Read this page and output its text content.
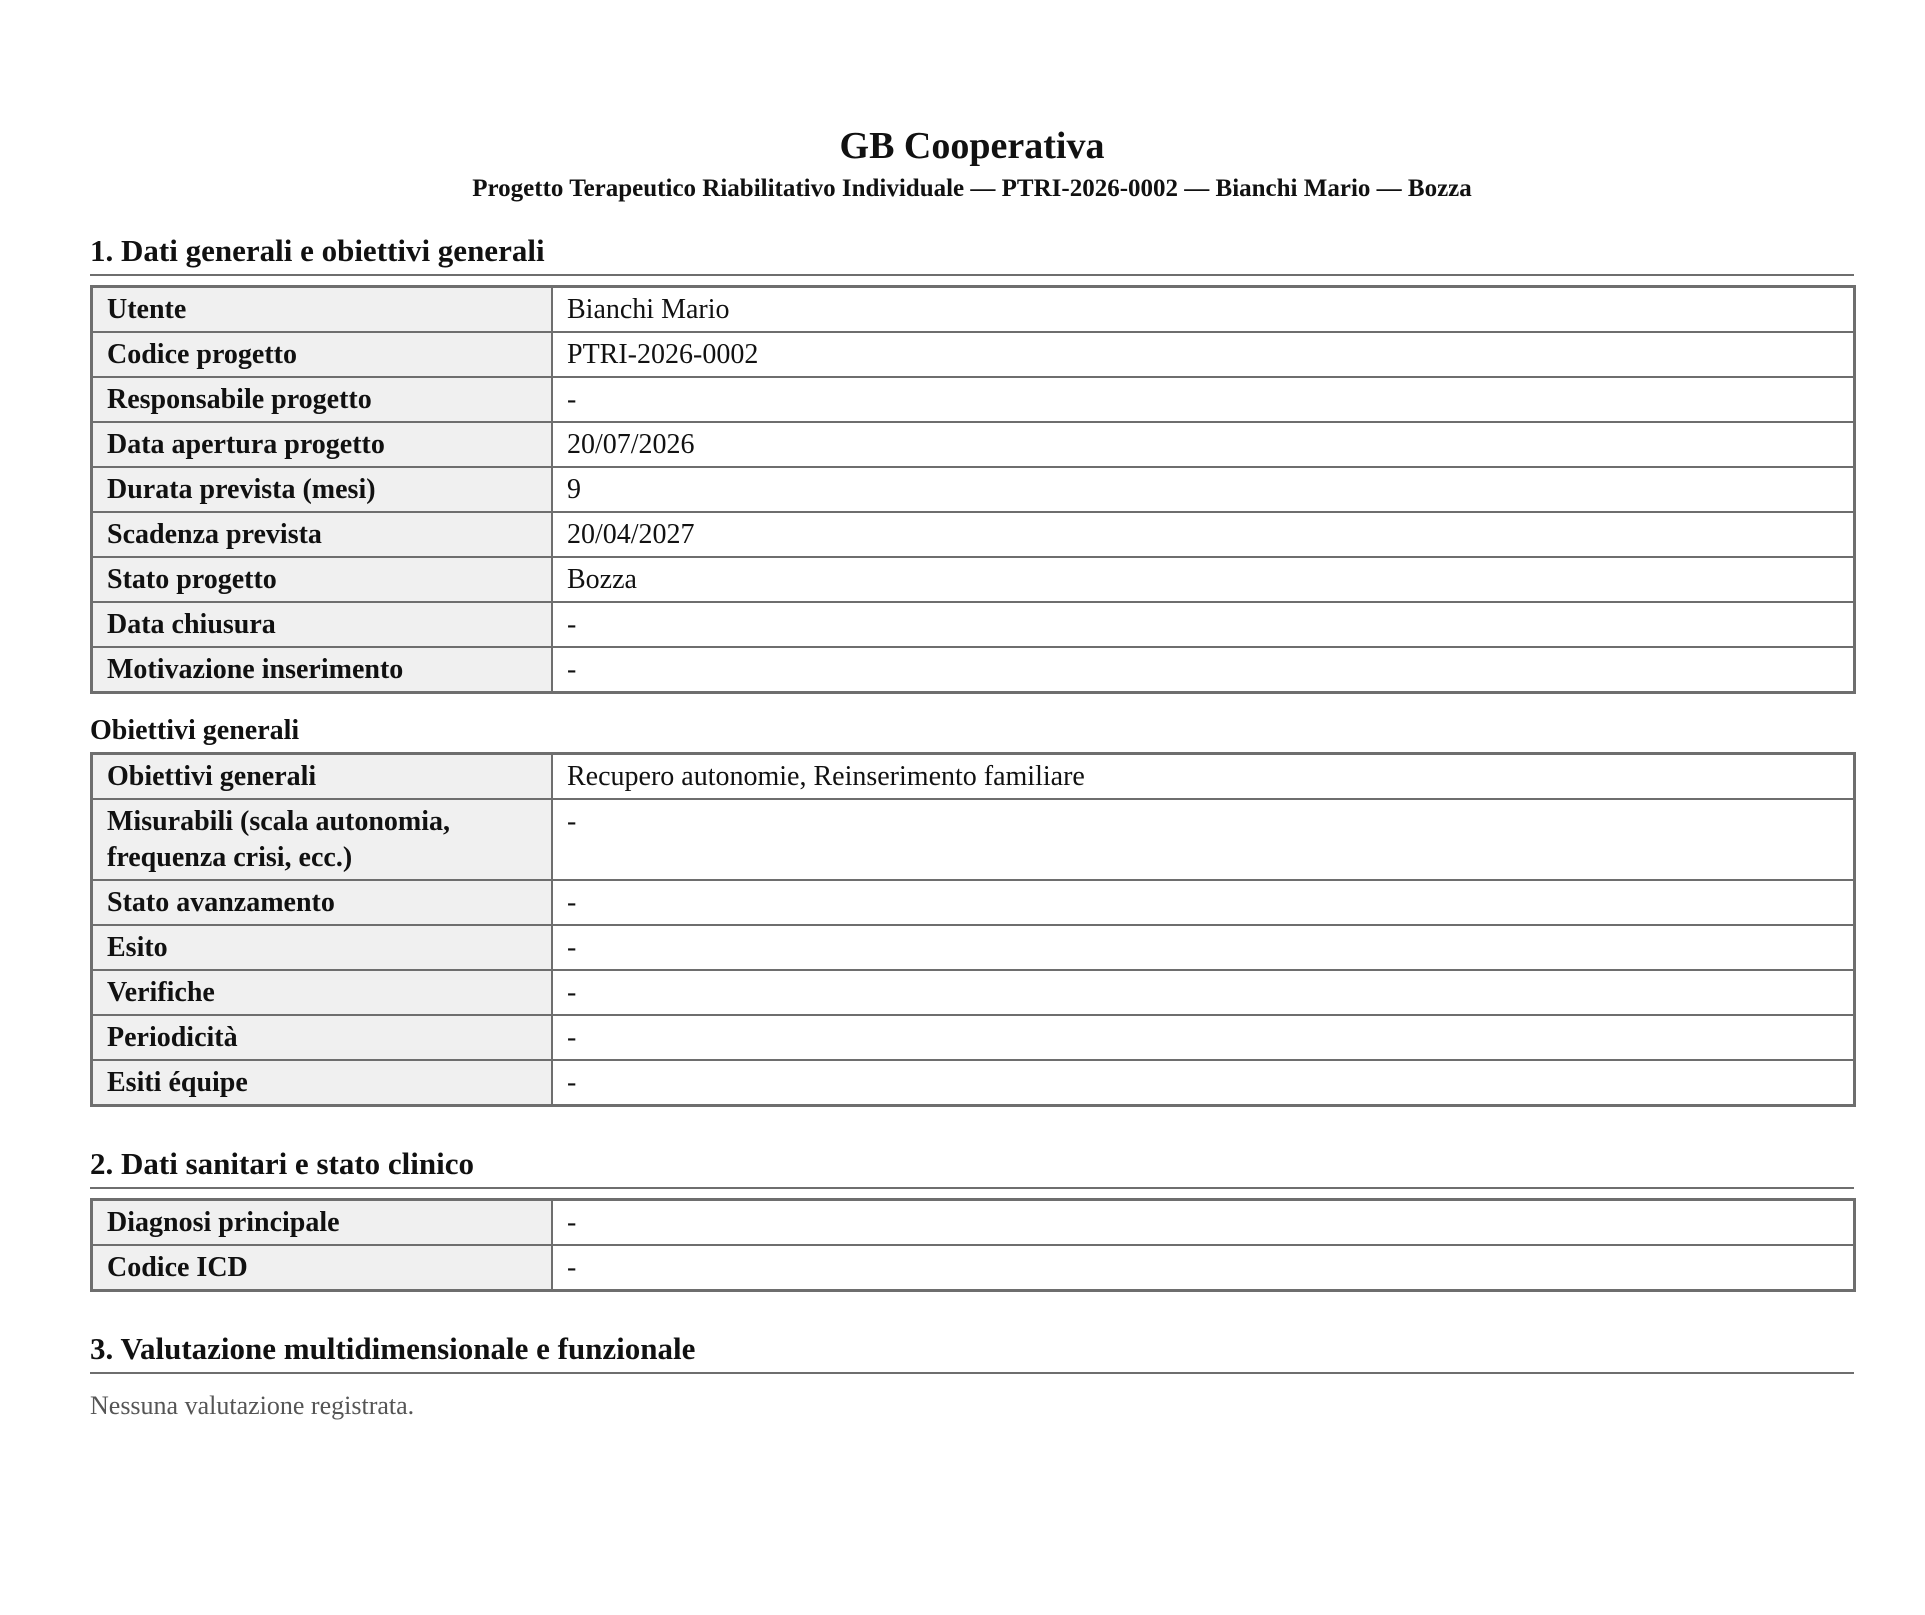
GB Cooperativa
Progetto Terapeutico Riabilitativo Individuale — PTRI-2026-0002 — Bianchi Mario — Bozza
1. Dati generali e obiettivi generali
Utente	Bianchi Mario
Codice progetto	PTRI-2026-0002
Responsabile progetto	-
Data apertura progetto	20/07/2026
Durata prevista (mesi)	9
Scadenza prevista	20/04/2027
Stato progetto	Bozza
Data chiusura	-
Motivazione inserimento	-
Obiettivi generali
Obiettivi generali	Recupero autonomie, Reinserimento familiare
Misurabili (scala autonomia, frequenza crisi, ecc.)	-
Stato avanzamento	-
Esito	-
Verifiche	-
Periodicità	-
Esiti équipe	-
2. Dati sanitari e stato clinico
Diagnosi principale	-
Codice ICD	-
3. Valutazione multidimensionale e funzionale

Nessuna valutazione registrata.
